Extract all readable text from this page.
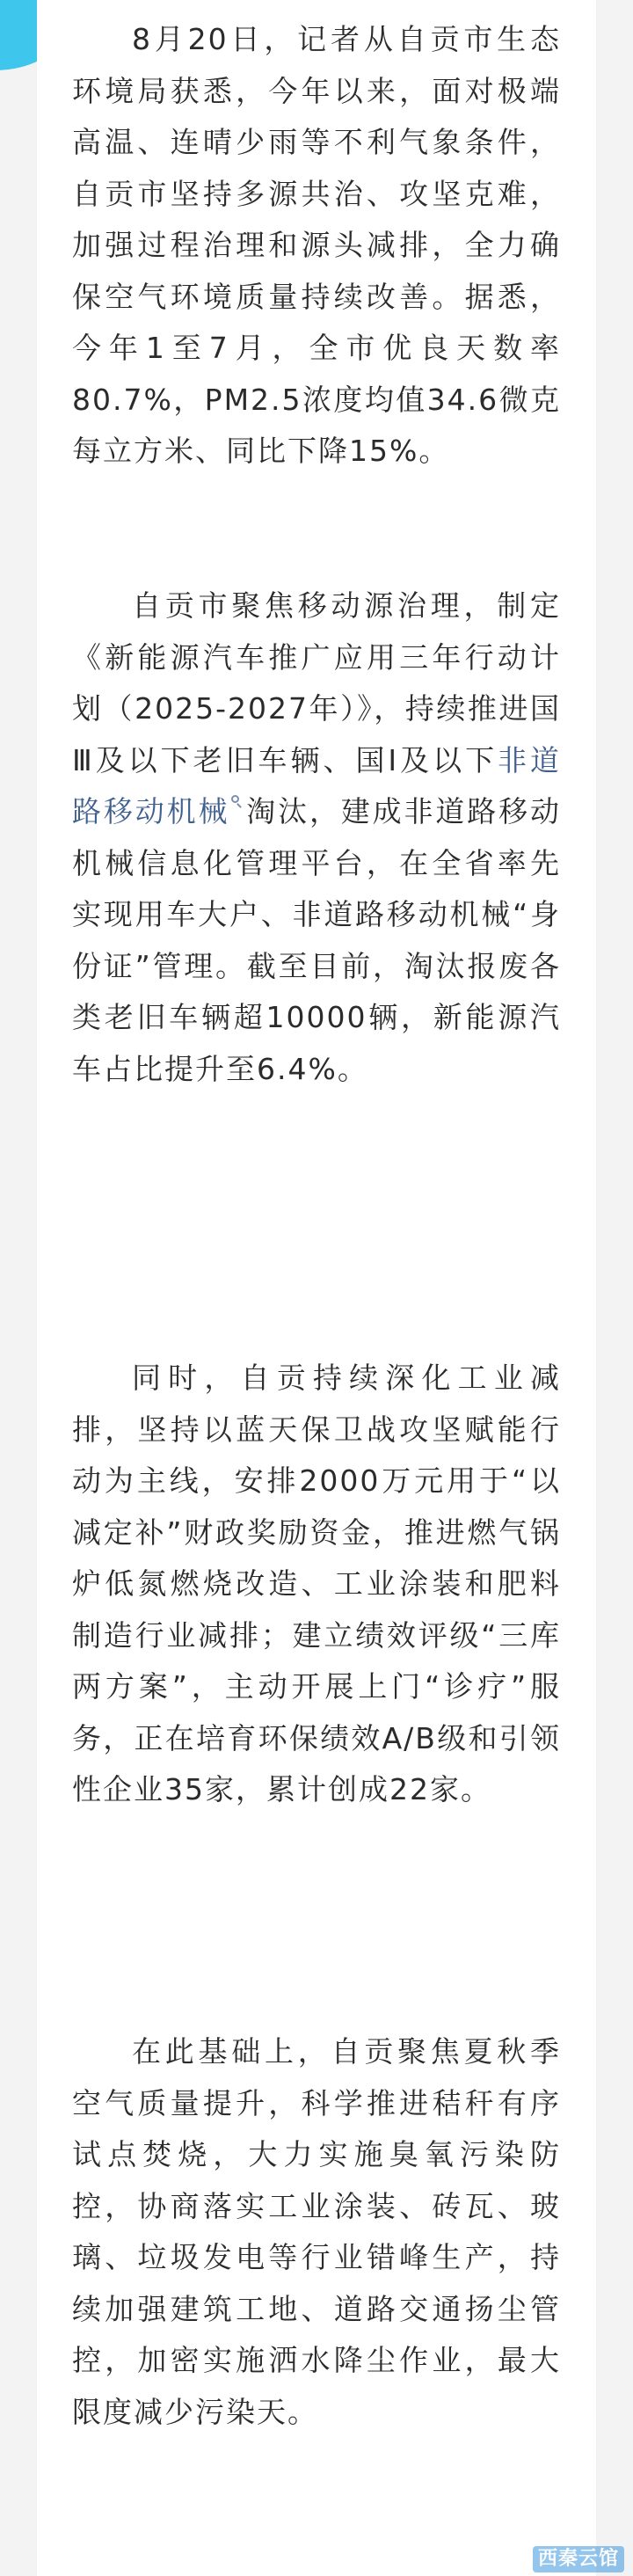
8月20日，记者从自贡市生态环境局获悉，今年以来，面对极端高温、连晴少雨等不利气象条件，自贡市坚持多源共治、攻坚克难，加强过程治理和源头减排，全力确保空气环境质量持续改善。据悉，今年1至7月，全市优良天数率80.7%，PM2.5浓度均值34.6微克每立方米、同比下降15%。

自贡市聚焦移动源治理，制定《新能源汽车推广应用三年行动计划（2025-2027年）》，持续推进国Ⅲ及以下老旧车辆、国Ⅰ及以下非道路移动机械 淘汰，建成非道路移动机械信息化管理平台，在全省率先实现用车大户、非道路移动机械“身份证”管理。截至目前，淘汰报废各类老旧车辆超10000辆，新能源汽车占比提升至6.4%。

同时，自贡持续深化工业减排，坚持以蓝天保卫战攻坚赋能行动为主线，安排2000万元用于“以减定补”财政奖励资金，推进燃气锅炉低氮燃烧改造、工业涂装和肥料制造行业减排；建立绩效评级“三库两方案”，主动开展上门“诊疗”服务，正在培育环保绩效A/B级和引领性企业35家，累计创成22家。

在此基础上，自贡聚焦夏秋季空气质量提升，科学推进秸秆有序试点焚烧，大力实施臭氧污染防控，协商落实工业涂装、砖瓦、玻璃、垃圾发电等行业错峰生产，持续加强建筑工地、道路交通扬尘管控，加密实施洒水降尘作业，最大限度减少污染天。

西秦云馆
